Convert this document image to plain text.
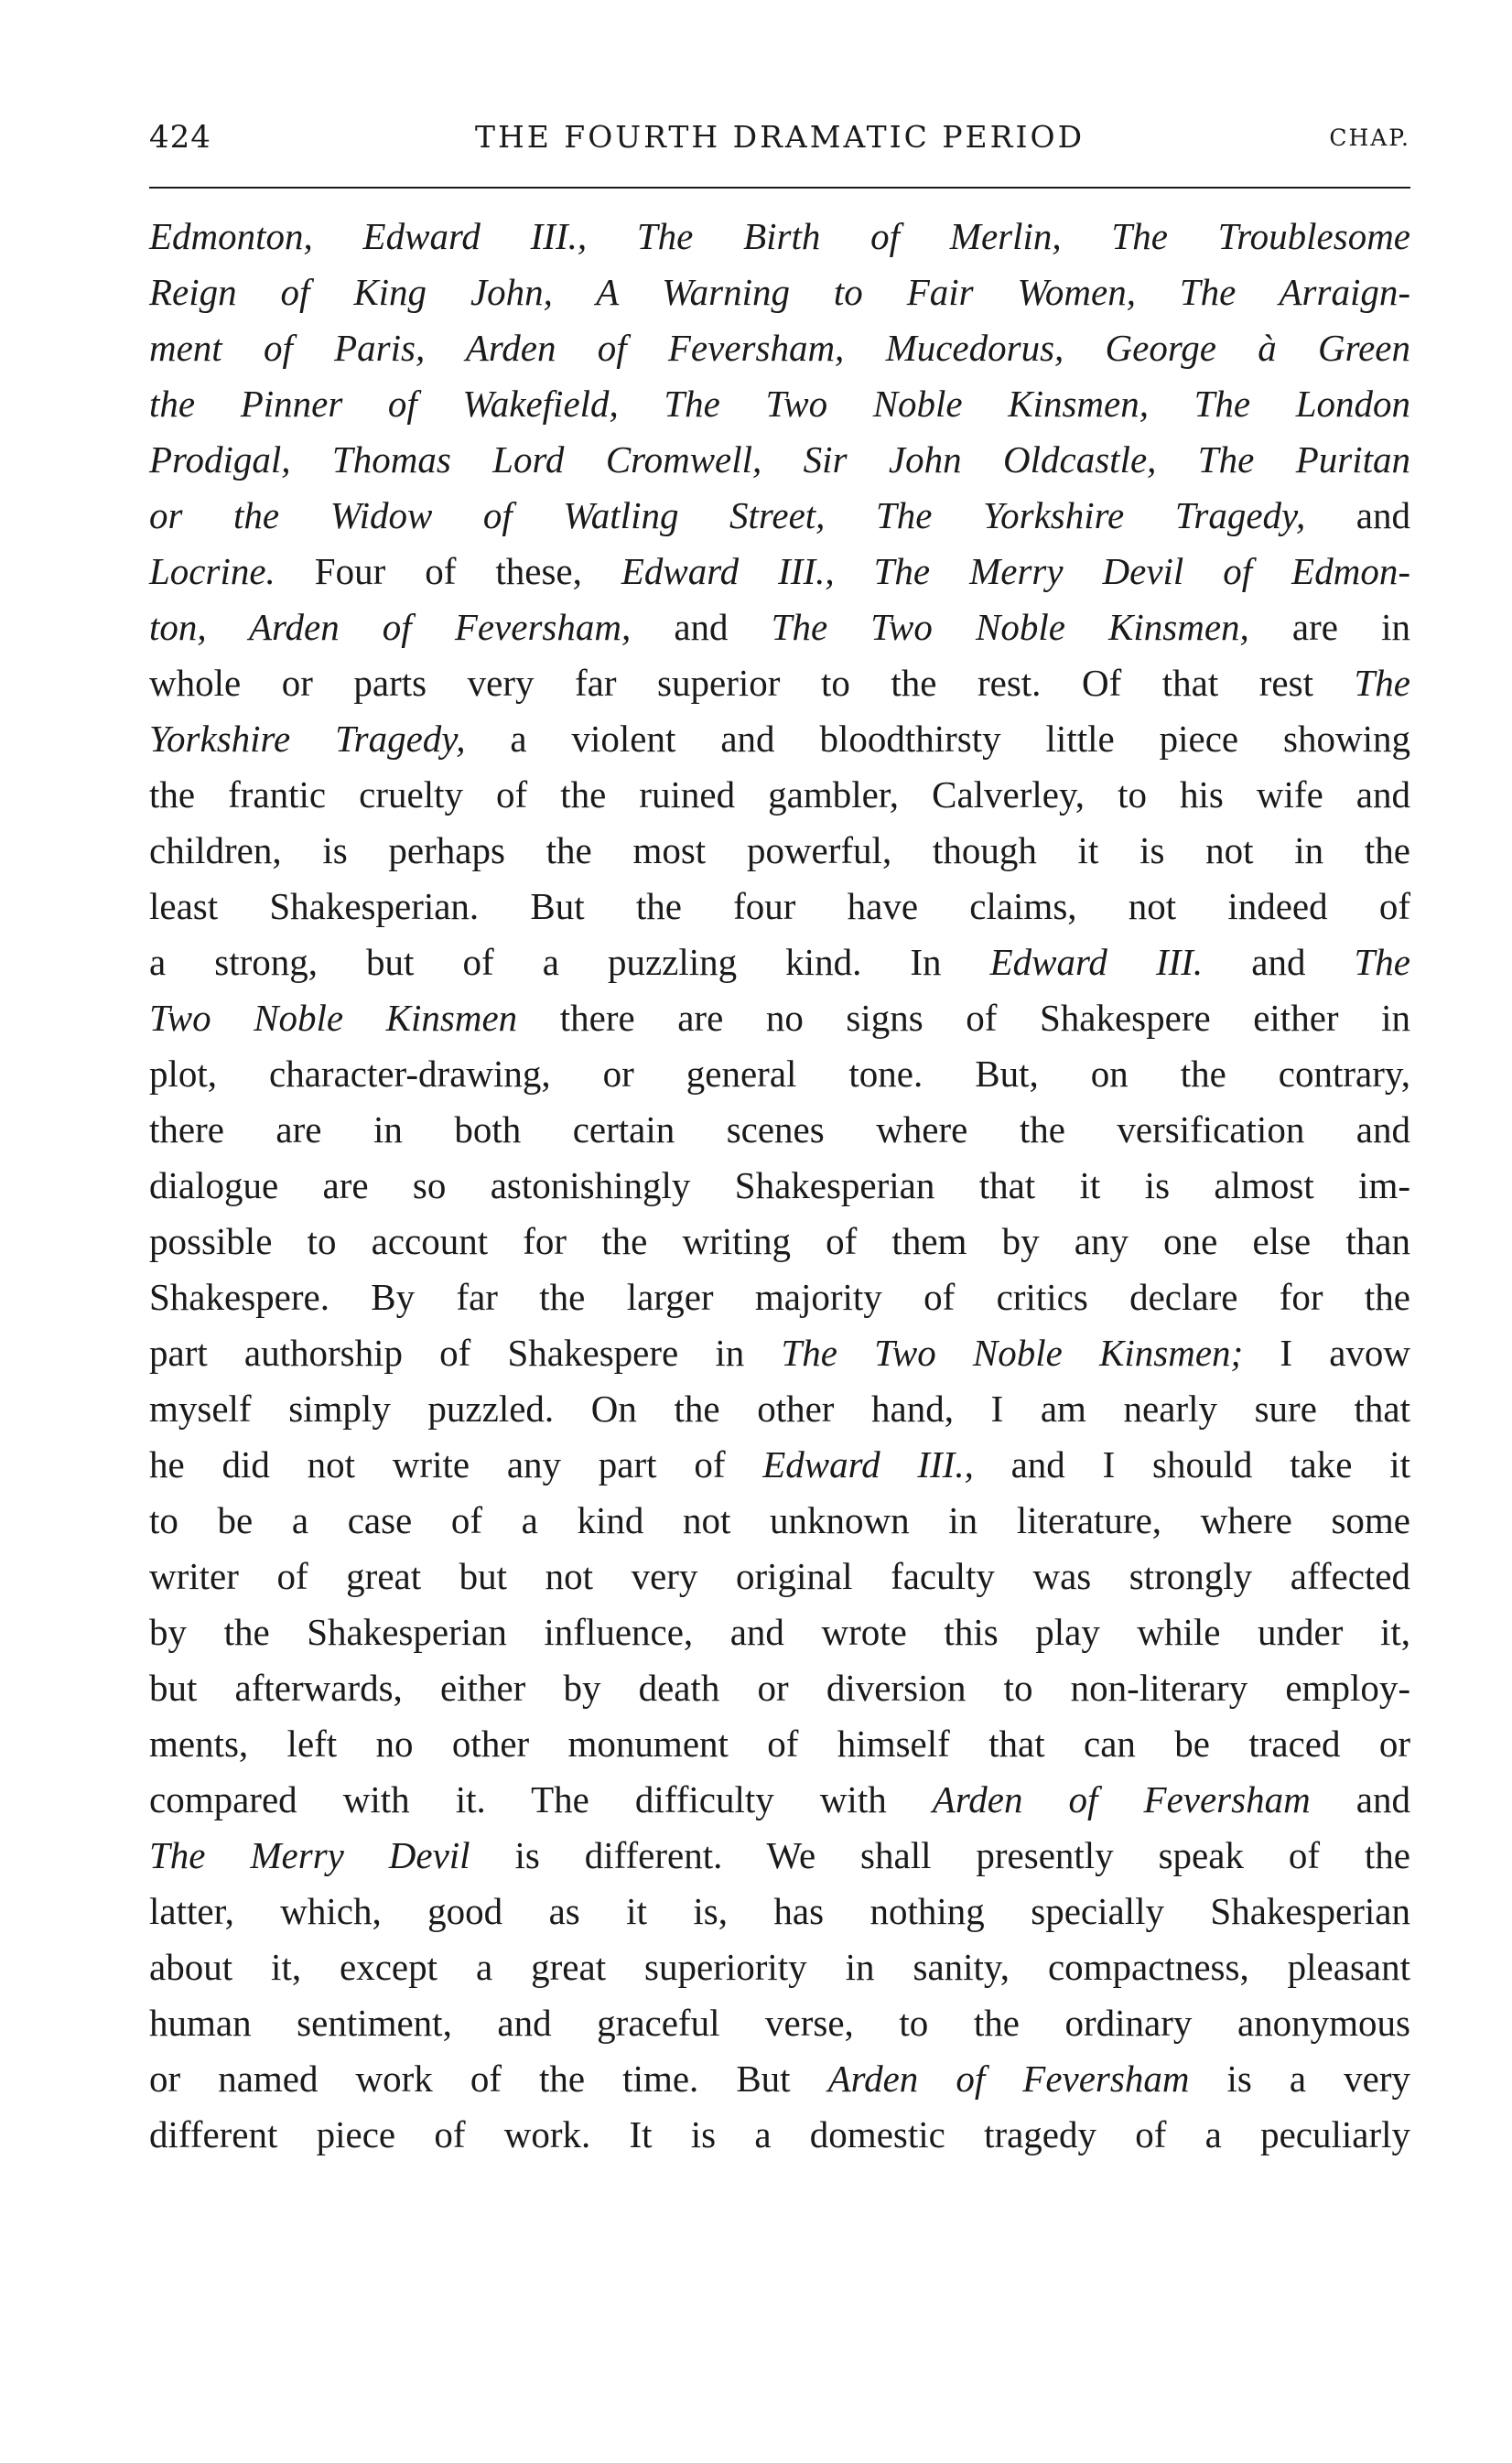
424	THE FOURTH DRAMATIC PERIOD	CHAP.
Edmonton, Edward III., The Birth of Merlin, The Troublesome
Reign of King John, A Warning to Fair Women, The Arraign-
ment of Paris, Arden of Feversham, Mucedorus, George à Green
the Pinner of Wakefield, The Two Noble Kinsmen, The London
Prodigal, Thomas Lord Cromwell, Sir John Oldcastle, The Puritan
or the Widow of Watling Street, The Yorkshire Tragedy, and
Locrine. Four of these, Edward III., The Merry Devil of Edmon-
ton, Arden of Feversham, and The Two Noble Kinsmen, are in
whole or parts very far superior to the rest. Of that rest The
Yorkshire Tragedy, a violent and bloodthirsty little piece showing
the frantic cruelty of the ruined gambler, Calverley, to his wife and
children, is perhaps the most powerful, though it is not in the
least Shakesperian. But the four have claims, not indeed of
a strong, but of a puzzling kind. In Edward III. and The
Two Noble Kinsmen there are no signs of Shakespere either in
plot, character-drawing, or general tone. But, on the contrary,
there are in both certain scenes where the versification and
dialogue are so astonishingly Shakesperian that it is almost im-
possible to account for the writing of them by any one else than
Shakespere. By far the larger majority of critics declare for the
part authorship of Shakespere in The Two Noble Kinsmen; I avow
myself simply puzzled. On the other hand, I am nearly sure that
he did not write any part of Edward III., and I should take it
to be a case of a kind not unknown in literature, where some
writer of great but not very original faculty was strongly affected
by the Shakesperian influence, and wrote this play while under it,
but afterwards, either by death or diversion to non-literary employ-
ments, left no other monument of himself that can be traced or
compared with it. The difficulty with Arden of Feversham and
The Merry Devil is different. We shall presently speak of the
latter, which, good as it is, has nothing specially Shakesperian
about it, except a great superiority in sanity, compactness, pleasant
human sentiment, and graceful verse, to the ordinary anonymous
or named work of the time. But Arden of Feversham is a very
different piece of work. It is a domestic tragedy of a peculiarly
